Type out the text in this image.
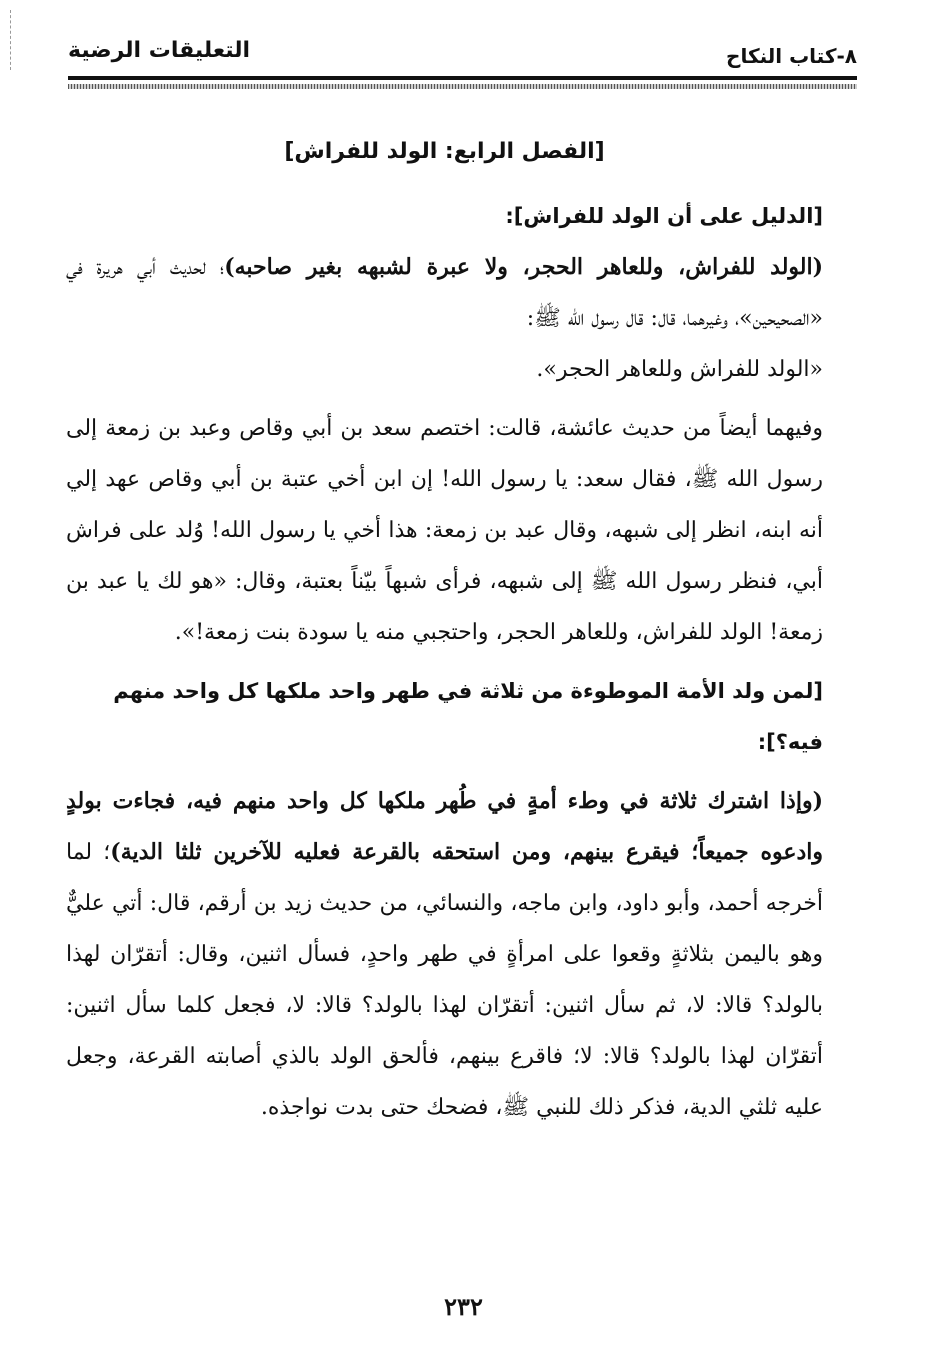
التعليقات الرضية	٨-كتاب النكاح

[الفصل الرابع: الولد للفراش]

[الدليل على أن الولد للفراش]:

(الولد للفراش، وللعاهر الحجر، ولا عبرة لشبهه بغير صاحبه)؛ لحديث أبي هريرة في «الصحيحين»، وغيرهما، قال: قال رسول الله ﷺ:

«الولد للفراش وللعاهر الحجر».

وفيهما أيضاً من حديث عائشة، قالت: اختصم سعد بن أبي وقاص وعبد بن زمعة إلى رسول الله ﷺ، فقال سعد: يا رسول الله! إن ابن أخي عتبة بن أبي وقاص عهد إلي أنه ابنه، انظر إلى شبهه، وقال عبد بن زمعة: هذا أخي يا رسول الله! وُلد على فراش أبي، فنظر رسول الله ﷺ إلى شبهه، فرأى شبهاً بيّناً بعتبة، وقال: «هو لك يا عبد بن زمعة! الولد للفراش، وللعاهر الحجر، واحتجبي منه يا سودة بنت زمعة!».

[لمن ولد الأمة الموطوءة من ثلاثة في طهر واحد ملكها كل واحد منهم فيه؟]:

(وإذا اشترك ثلاثة في وطء أمةٍ في طُهر ملكها كل واحد منهم فيه، فجاءت بولدٍ وادعوه جميعاً؛ فيقرع بينهم، ومن استحقه بالقرعة فعليه للآخرين ثلثا الدية)؛ لما أخرجه أحمد، وأبو داود، وابن ماجه، والنسائي، من حديث زيد بن أرقم، قال: أتي عليٌّ وهو باليمن بثلاثةٍ وقعوا على امرأةٍ في طهر واحدٍ، فسأل اثنين، وقال: أتقرّان لهذا بالولد؟ قالا: لا، ثم سأل اثنين: أتقرّان لهذا بالولد؟ قالا: لا، فجعل كلما سأل اثنين: أتقرّان لهذا بالولد؟ قالا: لا؛ فاقرع بينهم، فألحق الولد بالذي أصابته القرعة، وجعل عليه ثلثي الدية، فذكر ذلك للنبي ﷺ، فضحك حتى بدت نواجذه.

٢٣٢
